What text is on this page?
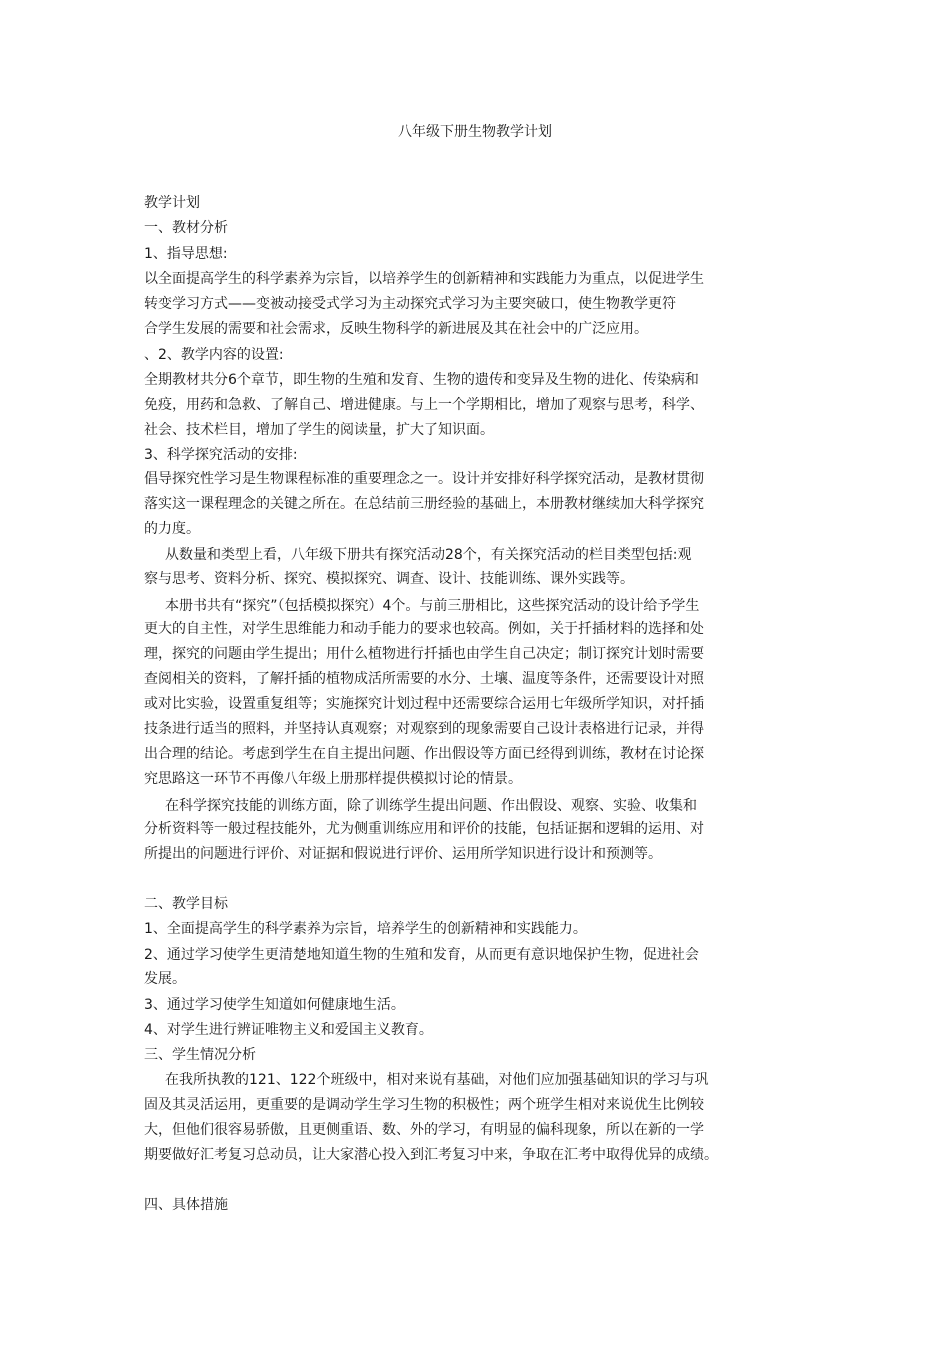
八年级下册生物教学计划
教学计划
一、教材分析
1、指导思想:
以全面提高学生的科学素养为宗旨，以培养学生的创新精神和实践能力为重点，以促进学生
转变学习方式——变被动接受式学习为主动探究式学习为主要突破口，使生物教学更符
合学生发展的需要和社会需求，反映生物科学的新进展及其在社会中的广泛应用。
、2、教学内容的设置:
全期教材共分6个章节，即生物的生殖和发育、生物的遗传和变异及生物的进化、传染病和
免疫，用药和急救、了解自己、增进健康。与上一个学期相比，增加了观察与思考，科学、
社会、技术栏目，增加了学生的阅读量，扩大了知识面。
3、科学探究活动的安排:
倡导探究性学习是生物课程标准的重要理念之一。设计并安排好科学探究活动，是教材贯彻
落实这一课程理念的关键之所在。在总结前三册经验的基础上，本册教材继续加大科学探究
的力度。
从数量和类型上看，八年级下册共有探究活动28个，有关探究活动的栏目类型包括:观
察与思考、资料分析、探究、模拟探究、调查、设计、技能训练、课外实践等。
本册书共有“探究”（包括模拟探究）4个。与前三册相比，这些探究活动的设计给予学生
更大的自主性，对学生思维能力和动手能力的要求也较高。例如，关于扦插材料的选择和处
理，探究的问题由学生提出；用什么植物进行扦插也由学生自己决定；制订探究计划时需要
查阅相关的资料，了解扦插的植物成活所需要的水分、土壤、温度等条件，还需要设计对照
或对比实验，设置重复组等；实施探究计划过程中还需要综合运用七年级所学知识，对扦插
技条进行适当的照料，并坚持认真观察；对观察到的现象需要自己设计表格进行记录，并得
出合理的结论。考虑到学生在自主提出问题、作出假设等方面已经得到训练，教材在讨论探
究思路这一环节不再像八年级上册那样提供模拟讨论的情景。
在科学探究技能的训练方面，除了训练学生提出问题、作出假设、观察、实验、收集和
分析资料等一般过程技能外，尤为侧重训练应用和评价的技能，包括证据和逻辑的运用、对
所提出的问题进行评价、对证据和假说进行评价、运用所学知识进行设计和预测等。
二、教学目标
1、全面提高学生的科学素养为宗旨，培养学生的创新精神和实践能力。
2、通过学习使学生更清楚地知道生物的生殖和发育，从而更有意识地保护生物，促进社会
发展。
3、通过学习使学生知道如何健康地生活。
4、对学生进行辨证唯物主义和爱国主义教育。
三、学生情况分析
在我所执教的121、122个班级中，相对来说有基础，对他们应加强基础知识的学习与巩
固及其灵活运用，更重要的是调动学生学习生物的积极性；两个班学生相对来说优生比例较
大，但他们很容易骄傲，且更侧重语、数、外的学习，有明显的偏科现象，所以在新的一学
期要做好汇考复习总动员，让大家潜心投入到汇考复习中来，争取在汇考中取得优异的成绩。
四、具体措施
